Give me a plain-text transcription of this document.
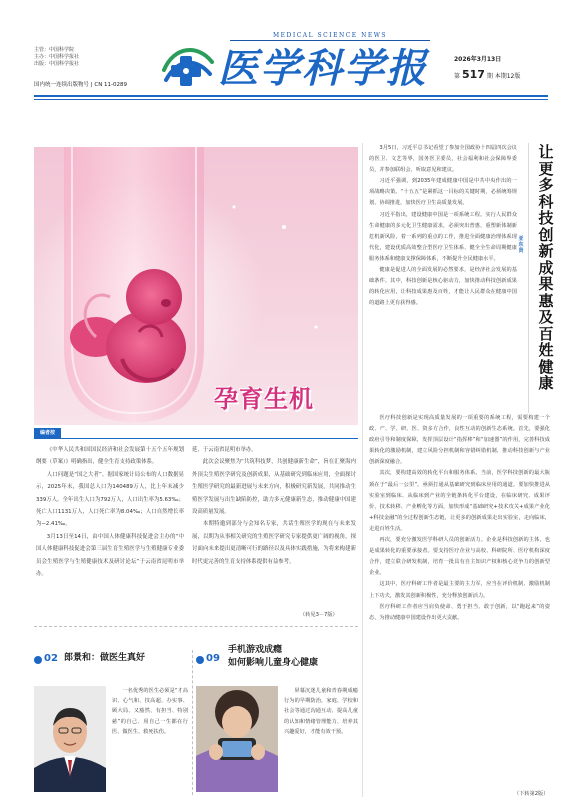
主管：中国科学院
主办：中国科学报社
出版：中国科学报社
国内统一连续出版物号 | CN 11-0289
MEDICAL SCIENCE NEWS
医学科学报	2026年3月13日
第 517 期 本期12版
孕育生机

3月5日，习近平总书记看望了参加全国政协十四届四次会议的医卫、文艺等界，国务医卫委员，社会福利和社会保障界委员，并参加联组会，听取意见和建议。

习近平强调，到2035年建成健康中国是中共中央作出的一项战略决策。“十五五”是紧抓这一目标的关键时期，必须统筹规划、协调推进，加快医疗卫生高质量发展。

习近平指出，建设健康中国是一项系统工程。实行人民群众生命健康的多元化卫生健康需求，必须突出普惠，重塑新体制新危机新风险，着一系列的重点的工作，推进全面健康治理体系现代化，建设优质高效整合型医疗卫生体系、健全全生命周期健康服务体系和健康支撑保障体系，不断提升全民健康水平。

健康是促进人的全面发展的必然要求，是经济社会发展的基础条件。其中，科技创新是核心驱动力，加快推动科技创新成果的转化应用，让科技成果惠及百姓，才能让人民群众在健康中国的道路上更有获得感。

亚东贤
让更多科技创新成果惠及百姓健康

医疗科技创新是实现高质量发展的一项重要的系统工程，需要构建一个政、产、学、研、医、资多方合作，良性互动的创新生态系统。首先，要强化政府引导和制度保障，发挥顶层设计“指挥棒”和“加速器”的作用，完善科技成果转化的激励机制，建立风险分担机制和容错纠错机制，推动科技创新与产业创新深度融合。

其次，要构建高效的转化平台和服务体系。当前，医学科技创新的最大瓶颈在于“最后一公里”，亟须打通从基础研究到临床应用的通道。要加快推进从实验室到临床、从临床到产业的全链条转化平台建设，在临床研究、成果评价、技术转移、产业孵化等方面，加快形成“基础研究+技术攻关+成果产业化+科技金融”的全过程创新生态链，让更多的创新成果走出实验室，走向临床，走进百姓生活。

再次，要充分激发医学科研人员的创新活力。企业是科技创新的主体，也是成果转化的重要承接者。要支持医疗企业与高校、科研院所、医疗机构深度合作，建立联合研发机制，培育一批具有自主知识产权和核心竞争力的创新型企业。

这其中，医疗科研工作者是最主要的主力军，应当在评价机制、激励机制上下功夫，激发其创新积极性，充分释放创新活力。

医疗科研工作者应当肩负使命、勇于担当、敢于创新，以“跑起来”的姿态，为推动健康中国建设作出更大贡献。

（下转第2版）
编者按

《中华人民共和国国民经济和社会发展第十五个五年规划纲要（草案）》明确指出，健全生育支持政策体系。

人口问题是“国之大者”。据国家统计局公布的人口数据显示，2025年末，我国总人口为140489万人，比上年末减少339万人。全年出生人口为792万人，人口出生率为5.63‰；死亡人口1131万人，人口死亡率为8.04‰；人口自然增长率为−2.41‰。

3月13日至14日，由中国人体健康科技促进会主办的“中国人体健康科技促进会第三届生育生殖医学与生殖健康专业委员会生殖医学与生殖健康技术及研讨论坛”于云南省昆明市举办。

延，于云南省昆明市举办。

此次会议聚焦为“共筑科技梦，共创健康新生命”，旨在汇聚海内外顶尖生殖医学研究及创新成果，从基础研究到临床应用，全面探讨生殖医学研究的最新进展与未来方向，积极研究新发展，共同推动生殖医学发展与出生缺陷防控，助力多元健康新生态，推动健康中国建设高质量发展。

本期特邀到部分与会知名专家，共话生殖医学的现在与未来发展，以期为从事相关研究的生殖医学研究专家提供更广阔的视角，探讨面向未来提出更清晰可行的路径以及具体实践措施，为将来构建新时代更完善的生育支持体系提供有益参考。

（转见3－7版）
02 郎景和：做医生真好	09
手机游戏成瘾
如何影响儿童身心健康
一名优秀的医生必须是“才高识、心气和、技高超、办实事、顾大局、又豁然、有担当、特别慈”的自己、用自己一生都在行医、做医生、救死扶伤。
屏幕沉迷儿童和青春期成瘾行为的早期防治，家庭、学校和社会等通过沟通互动、提高儿童的认知和情绪管理能力、培养其兴趣爱好，才能有效干预。
